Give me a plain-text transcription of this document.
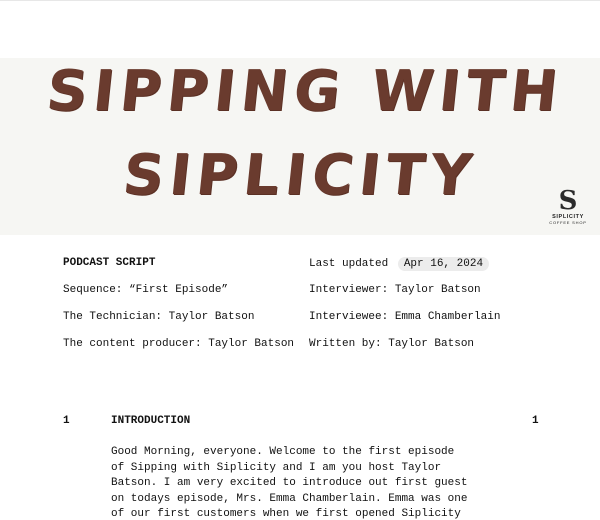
SIPPING WITH
SIPLICITY	S
SIPLICITY
COFFEE SHOP
PODCAST SCRIPT	Last updated Apr 16, 2024
Sequence: “First Episode”	Interviewer: Taylor Batson
The Technician: Taylor Batson	Interviewee: Emma Chamberlain
The content producer: Taylor Batson Written by: Taylor Batson
1	INTRODUCTION	1
Good Morning, everyone. Welcome to the first episode
of Sipping with Siplicity and I am you host Taylor
Batson. I am very excited to introduce out first guest
on todays episode, Mrs. Emma Chamberlain. Emma was one
of our first customers when we first opened Siplicity
